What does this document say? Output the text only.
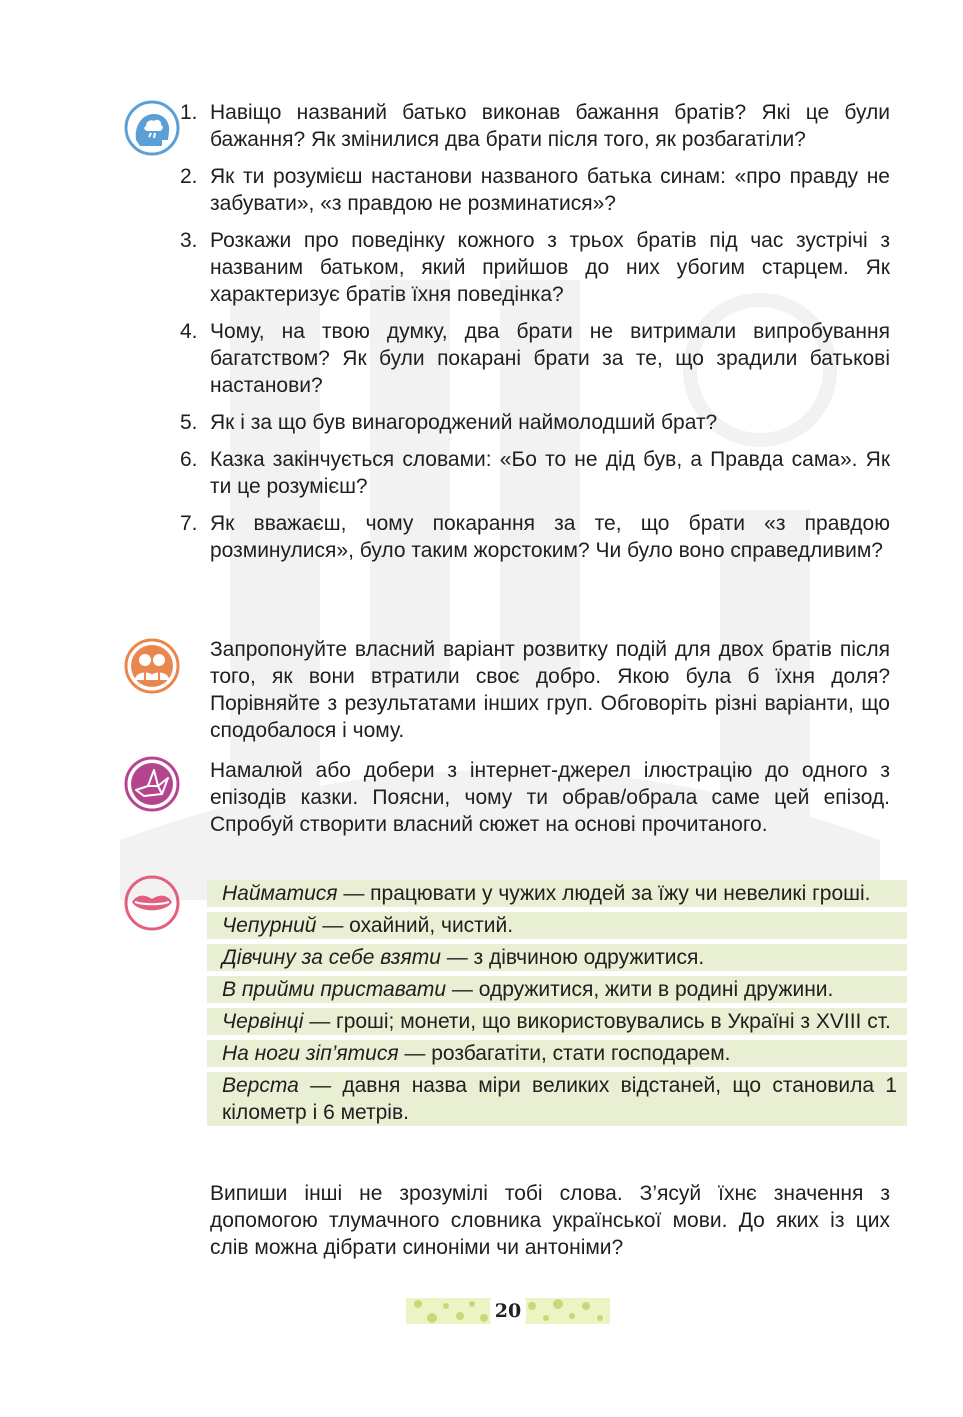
1. Навіщо названий батько виконав бажання братів? Які це були бажання? Як змінилися два брати після того, як розбагатіли?
2. Як ти розумієш настанови названого батька синам: «про правду не забувати», «з правдою не розминатися»?
3. Розкажи про поведінку кожного з трьох братів під час зустрічі з названим батьком, який прийшов до них убогим старцем. Як характеризує братів їхня поведінка?
4. Чому, на твою думку, два брати не витримали випробування багатством? Як були покарані брати за те, що зрадили батькові настанови?
5. Як і за що був винагороджений наймолодший брат?
6. Казка закінчується словами: «Бо то не дід був, а Правда сама». Як ти це розумієш?
7. Як вважаєш, чому покарання за те, що брати «з правдою розминулися», було таким жорстоким? Чи було воно справедливим?
Запропонуйте власний варіант розвитку подій для двох братів після того, як вони втратили своє добро. Якою була б їхня доля? Порівняйте з результатами інших груп. Обговоріть різні варіанти, що сподобалося і чому.
Намалюй або добери з інтернет-джерел ілюстрацію до одного з епізодів казки. Поясни, чому ти обрав/обрала саме цей епізод. Спробуй створити власний сюжет на основі прочитаного.
Найматися — працювати у чужих людей за їжу чи невеликі гроші.
Чепурний — охайний, чистий.
Дівчину за себе взяти — з дівчиною одружитися.
В прийми приставати — одружитися, жити в родині дружини.
Червінці — гроші; монети, що використовувались в Україні з XVIII ст.
На ноги зіп’ятися — розбагатіти, стати господарем.
Верста — давня назва міри великих відстаней, що становила 1 кілометр і 6 метрів.
Випиши інші не зрозумілі тобі слова. З’ясуй їхнє значення з допомогою тлумачного словника української мови. До яких із цих слів можна дібрати синоніми чи антоніми?
20
